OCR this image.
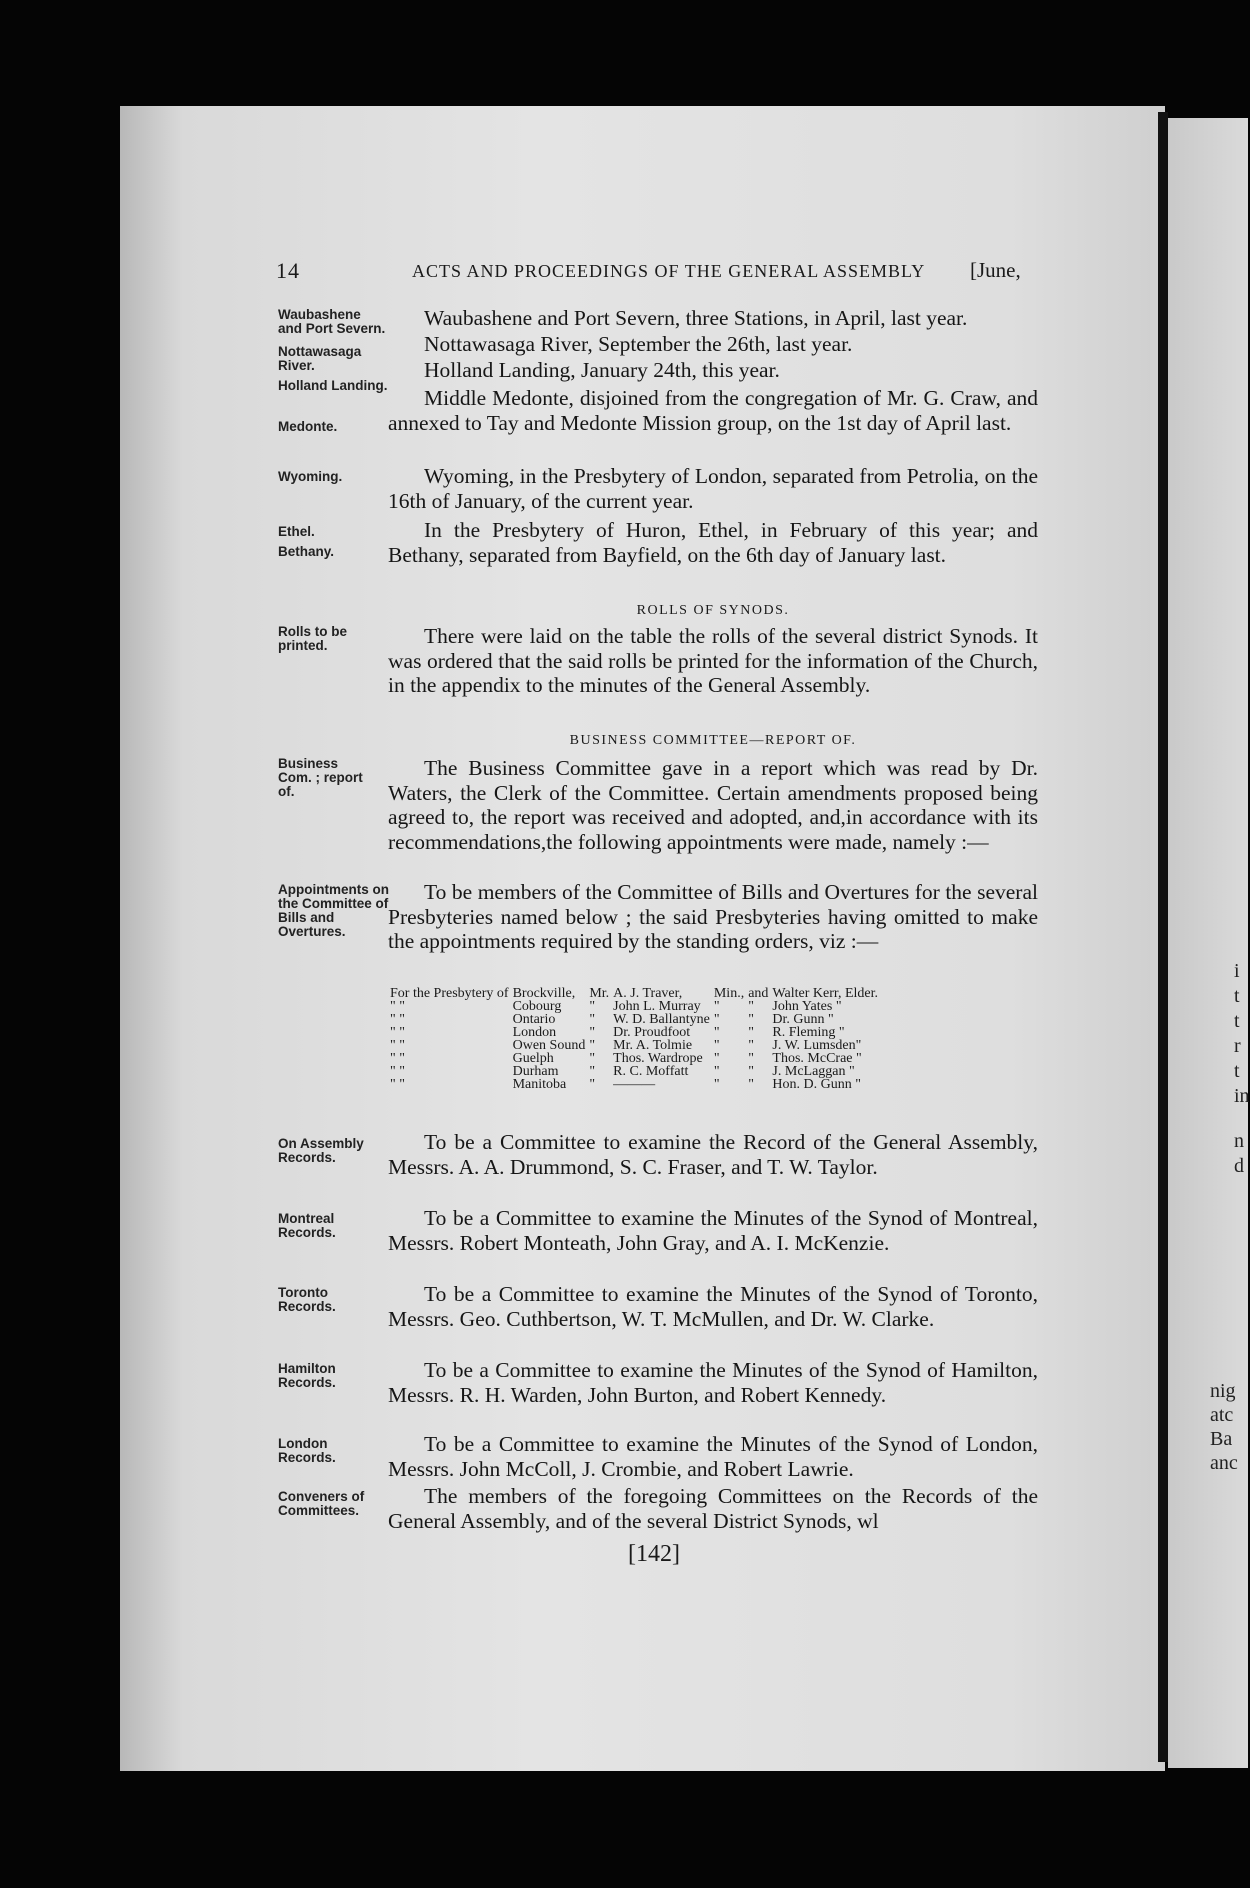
i
t
t
r
t
in
n
d
nig
atc
Ba
anc
14	ACTS AND PROCEEDINGS OF THE GENERAL ASSEMBLY [June,
Waubashene and Port Severn.	Waubashene and Port Severn, three Stations, in April, last year.
Nottawasaga River.
Nottawasaga River, September the 26th, last year.
Holland Landing.
Holland Landing, January 24th, this year.
Medonte.
Middle Medonte, disjoined from the congregation of Mr. G. Craw, and annexed to Tay and Medonte Mission group, on the 1st day of April last.
Wyoming.	Wyoming, in the Presbytery of London, separated from Petrolia, on the 16th of January, of the current year.
Ethel. Bethany.
In the Presbytery of Huron, Ethel, in February of this year; and Bethany, separated from Bayfield, on the 6th day of January last.
ROLLS OF SYNODS.
Rolls to be printed.	There were laid on the table the rolls of the several district Synods. It was ordered that the said rolls be printed for the information of the Church, in the appendix to the minutes of the General Assembly.
BUSINESS COMMITTEE—REPORT OF.
Business Com. ; report of.
The Business Committee gave in a report which was read by Dr. Waters, the Clerk of the Committee. Certain amendments proposed being agreed to, the report was received and adopted, and,in accordance with its recommendations,the following appointments were made, namely :—
Appointments on the Committee of Bills and Overtures.
To be members of the Committee of Bills and Overtures for the several Presbyteries named below ; the said Presbyteries having omitted to make the appointments required by the standing orders, viz :—
For the Presbytery of	Brockville,	Mr.	A. J. Traver,	Min.,	and	Walter Kerr, Elder.
" "	Cobourg	"	John L. Murray	"	"	John Yates "
" "	Ontario	"	W. D. Ballantyne	"	"	Dr. Gunn "
" "	London	"	Dr. Proudfoot	"	"	R. Fleming "
" "	Owen Sound	"	Mr. A. Tolmie	"	"	J. W. Lumsden"
" "	Guelph	"	Thos. Wardrope	"	"	Thos. McCrae "
" "	Durham	"	R. C. Moffatt	"	"	J. McLaggan "
" "	Manitoba	"	———	"	"	Hon. D. Gunn "
On Assembly Records.
To be a Committee to examine the Record of the General Assembly, Messrs. A. A. Drummond, S. C. Fraser, and T. W. Taylor.
Montreal Records.
To be a Committee to examine the Minutes of the Synod of Montreal, Messrs. Robert Monteath, John Gray, and A. I. McKenzie.
Toronto Records.
To be a Committee to examine the Minutes of the Synod of Toronto, Messrs. Geo. Cuthbertson, W. T. McMullen, and Dr. W. Clarke.
Hamilton Records.
To be a Committee to examine the Minutes of the Synod of Hamilton, Messrs. R. H. Warden, John Burton, and Robert Kennedy.
London Records.
To be a Committee to examine the Minutes of the Synod of London, Messrs. John McColl, J. Crombie, and Robert Lawrie.
Conveners of Committees.
The members of the foregoing Committees on the Records of the General Assembly, and of the several District Synods, wl
[142]
